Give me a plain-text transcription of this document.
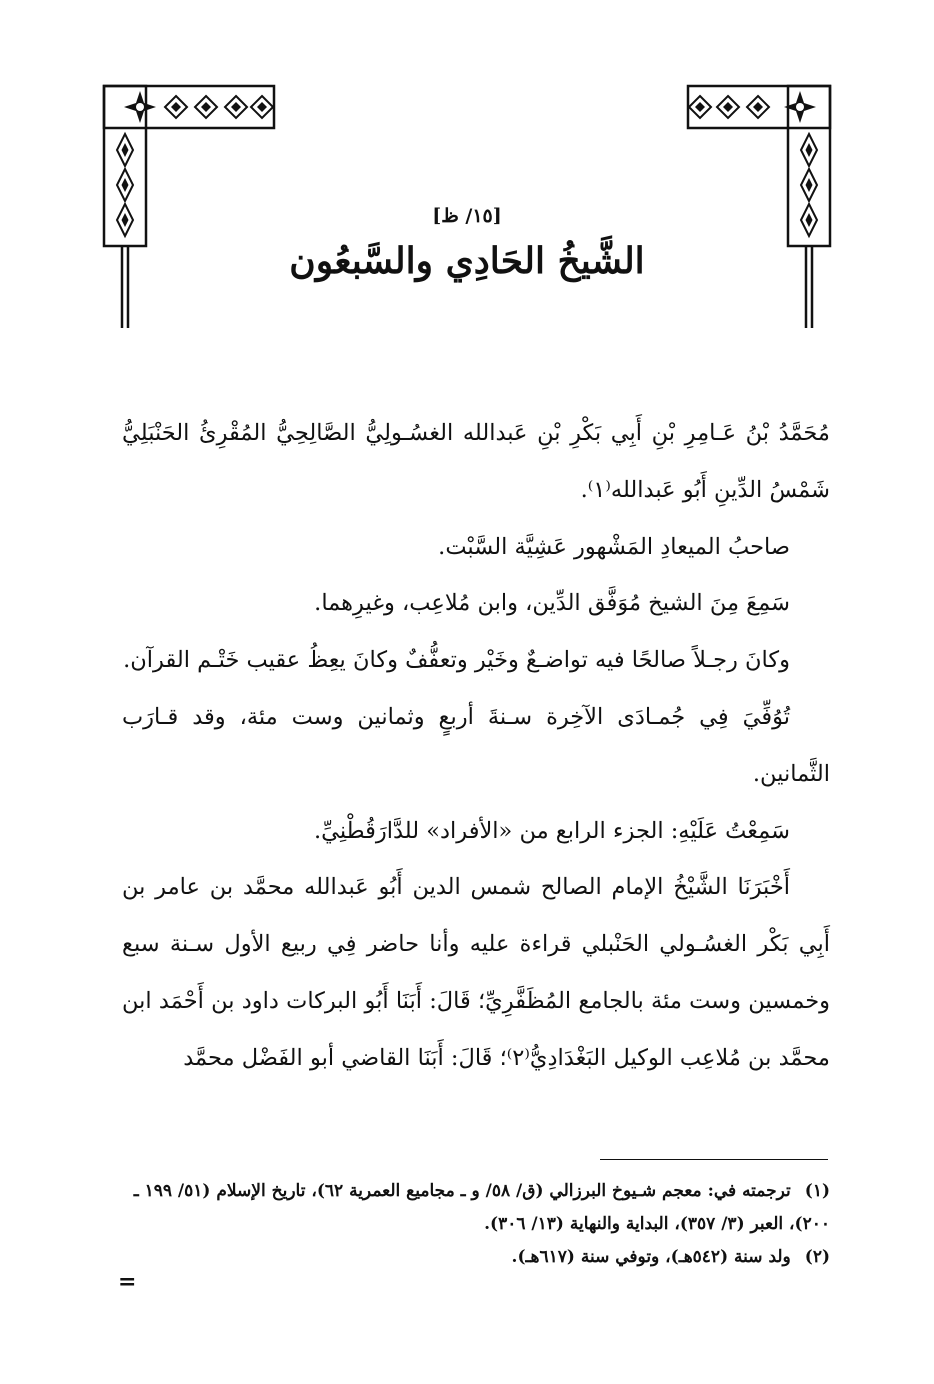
[١٥/ ظ]
الشَّيخُ الحَادِي والسَّبعُون

مُحَمَّدُ بْنُ عَـامِرِ بْنِ أَبِي بَكْرِ بْنِ عَبدالله الغسُـولِيُّ الصَّالِحِيُّ المُقْرِئُ الحَنْبَلِيُّ شَمْسُ الدِّينِ أَبُو عَبدالله⁽١⁾.

صاحبُ الميعادِ المَشْهور عَشِيَّة السَّبْت.

سَمِعَ مِنَ الشيخ مُوَفَّق الدِّين، وابن مُلاعِب، وغيرِهما.

وكانَ رجـلاً صالحًا فيه تواضـعٌ وخَيْر وتعفُّفٌ وكانَ يعِظُ عقيب خَتْـم القرآن.

تُوُفِّيَ فِي جُمـادَى الآخِرة سـنةَ أربعٍ وثمانين وست مئة، وقد قـارَب الثَّمانين.

سَمِعْتُ عَلَيْهِ: الجزء الرابع من «الأفراد» للدَّارَقُطْنِيِّ.

أَخْبَرَنَا الشَّيْخُ الإمام الصالح شمس الدين أَبُو عَبدالله محمَّد بن عامر بن أَبِي بَكْر الغسُـولي الحَنْبلي قراءة عليه وأنا حاضر فِي ربيع الأول سـنة سبع وخمسين وست مئة بالجامع المُظَفَّرِيِّ؛ قَالَ: أَبَنَا أَبُو البركات داود بن أَحْمَد ابن محمَّد بن مُلاعِب الوكيل البَغْدَادِيُّ⁽٢⁾؛ قَالَ: أَبَنَا القاضي أبو الفَضْل محمَّد

(١)ترجمته في: معجم شـيوخ البرزالي (ق/ ٥٨/ و ـ مجاميع العمرية ٦٢)، تاريخ الإسلام (٥١/ ١٩٩ ـ ٢٠٠)، العبر (٣/ ٣٥٧)، البداية والنهاية (١٣/ ٣٠٦).

(٢)ولد سنة (٥٤٢هـ)، وتوفي سنة (٦١٧هـ).

=
